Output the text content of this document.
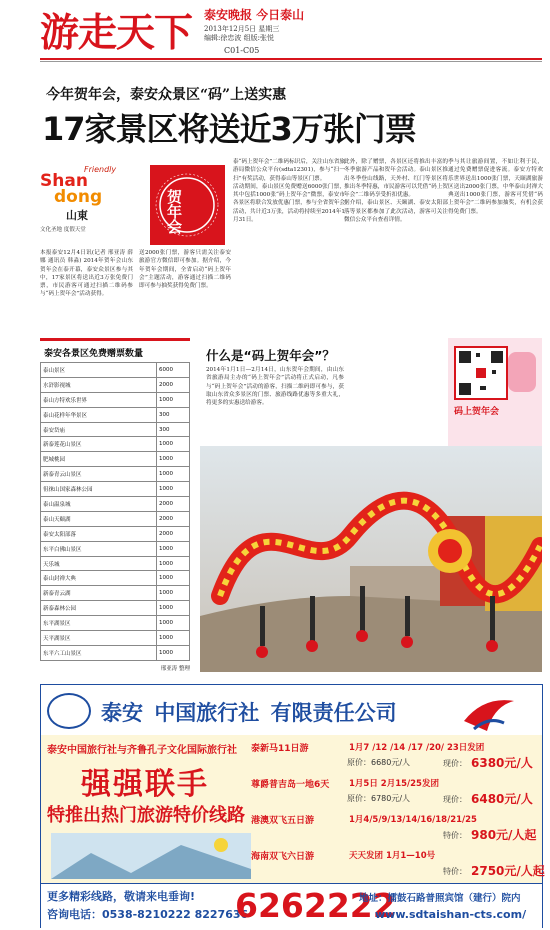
游走天下 泰安晚报 今日泰山
2013年12月5日 星期三
编辑:徐忠波 组版:张悦
C01-C05
今年贺年会，泰安众景区“码”上送实惠
17家景区将送近3万张门票
Friendly
Shan
dong
山東
文化圣地 度假天堂	贺年会

本报泰安12月4日讯(记者 邢亚涛 薛娜 通讯员 韩淼) 2014年贺年会山东贺年会在泰开幕，泰安众景区参与其中，17家景区将送出近3万张免费门票，市民游客可通过扫描二维码参与“码上贺年会”活动获得。

送2000张门票，游客只需关注泰安旅游官方微信即可参加。据介绍，今年贺年会期间，全省启动“码上贺年会”主题活动，游客通过扫描二维码即可参与抽奖获得免费门票。

泰“码上贺年会”二维码标识后，关注山东省旅游局微信公众平台(sdta12301)，参与“扫一扫”有奖活动，获得泰山等景区门票。
活动期间，泰山景区免费赠送6000张门票，其中包括1000张“码上贺年会”微票，泰安市各景区将联合发放优惠门票，参与全省贺年会活动，共计近3万张，活动将持续至2014年1月31日。

此外，除了赠票，各景区还将推出丰富的冬季旅游产品和贺年会活动。泰山景区推出冬季登山线路，天外村、红门等景区将推出冬季特惠，市民游客可以凭借“码上贺年会”二维码享受折扣优惠。
据介绍，泰山景区、天颐湖、泰安太阳部落等景区都参加了此次活动，游客可关注微信公众平台查看详情。

季与其让旅游间置，不如让利于民，通过免费赠票促进客流。泰安方特欢乐世界送出1000张门票，天颐湖旅游区送出2000张门票，中华泰山封禅大典送出1000张门票，游客可凭借“码上贺年会”二维码参加抽奖，有机会获得免费门票。

泰安各景区免费赠票数量
泰山景区	6000
水浒影视城	2000
泰山方特欢乐世界	1000
泰山花样年华景区	300
泰安岱庙	300
新泰莲花山景区	1000
肥城桃园	1000
新泰青云山景区	1000
徂徕山国家森林公园	1000
泰山温泉城	2000
泰山天颐湖	2000
泰安太阳部落	2000
东平白佛山景区	1000
天乐城	1000
泰山封禅大典	1000
新泰青云湖	1000
新泰森林公园	1000
东平湖景区	1000
天平湖景区	1000
东平六工山景区	1000
邢亚涛 整理
什么是“码上贺年会”？

2014年1月1日—2月14日，山东贺年会期间，由山东省旅游局主办的“码上贺年会”活动将正式启动，凡参与“码上贺年会”活动的游客，扫描二维码即可参与，获取山东省众多景区的门票、旅游线路优惠等多重大礼，将更多的实惠送给游客。

码上贺年会
泰安 中国旅行社 有限责任公司
泰安中国旅行社与齐鲁孔子文化国际旅行社
强强联手
特推出热门旅游特价线路
泰新马11日游	1月7 /12 /14 /17 /20/ 23日发团
原价：6680元/人	现价： 6380元/人
尊爵普吉岛一地6天 1月5日 2月15/25发团
原价：6780元/人	现价： 6480元/人
港澳双飞五日游	1月4/5/9/13/14/16/18/21/25
特价： 980元/人起
海南双飞六日游	天天发团 1月1—10号
特价： 2750元/人起
更多精彩线路，敬请来电垂询!
咨询电话：0538-8210222 8227636
6262222
地址：擂鼓石路普照宾馆（建行）院内
www.sdtaishan-cts.com/
